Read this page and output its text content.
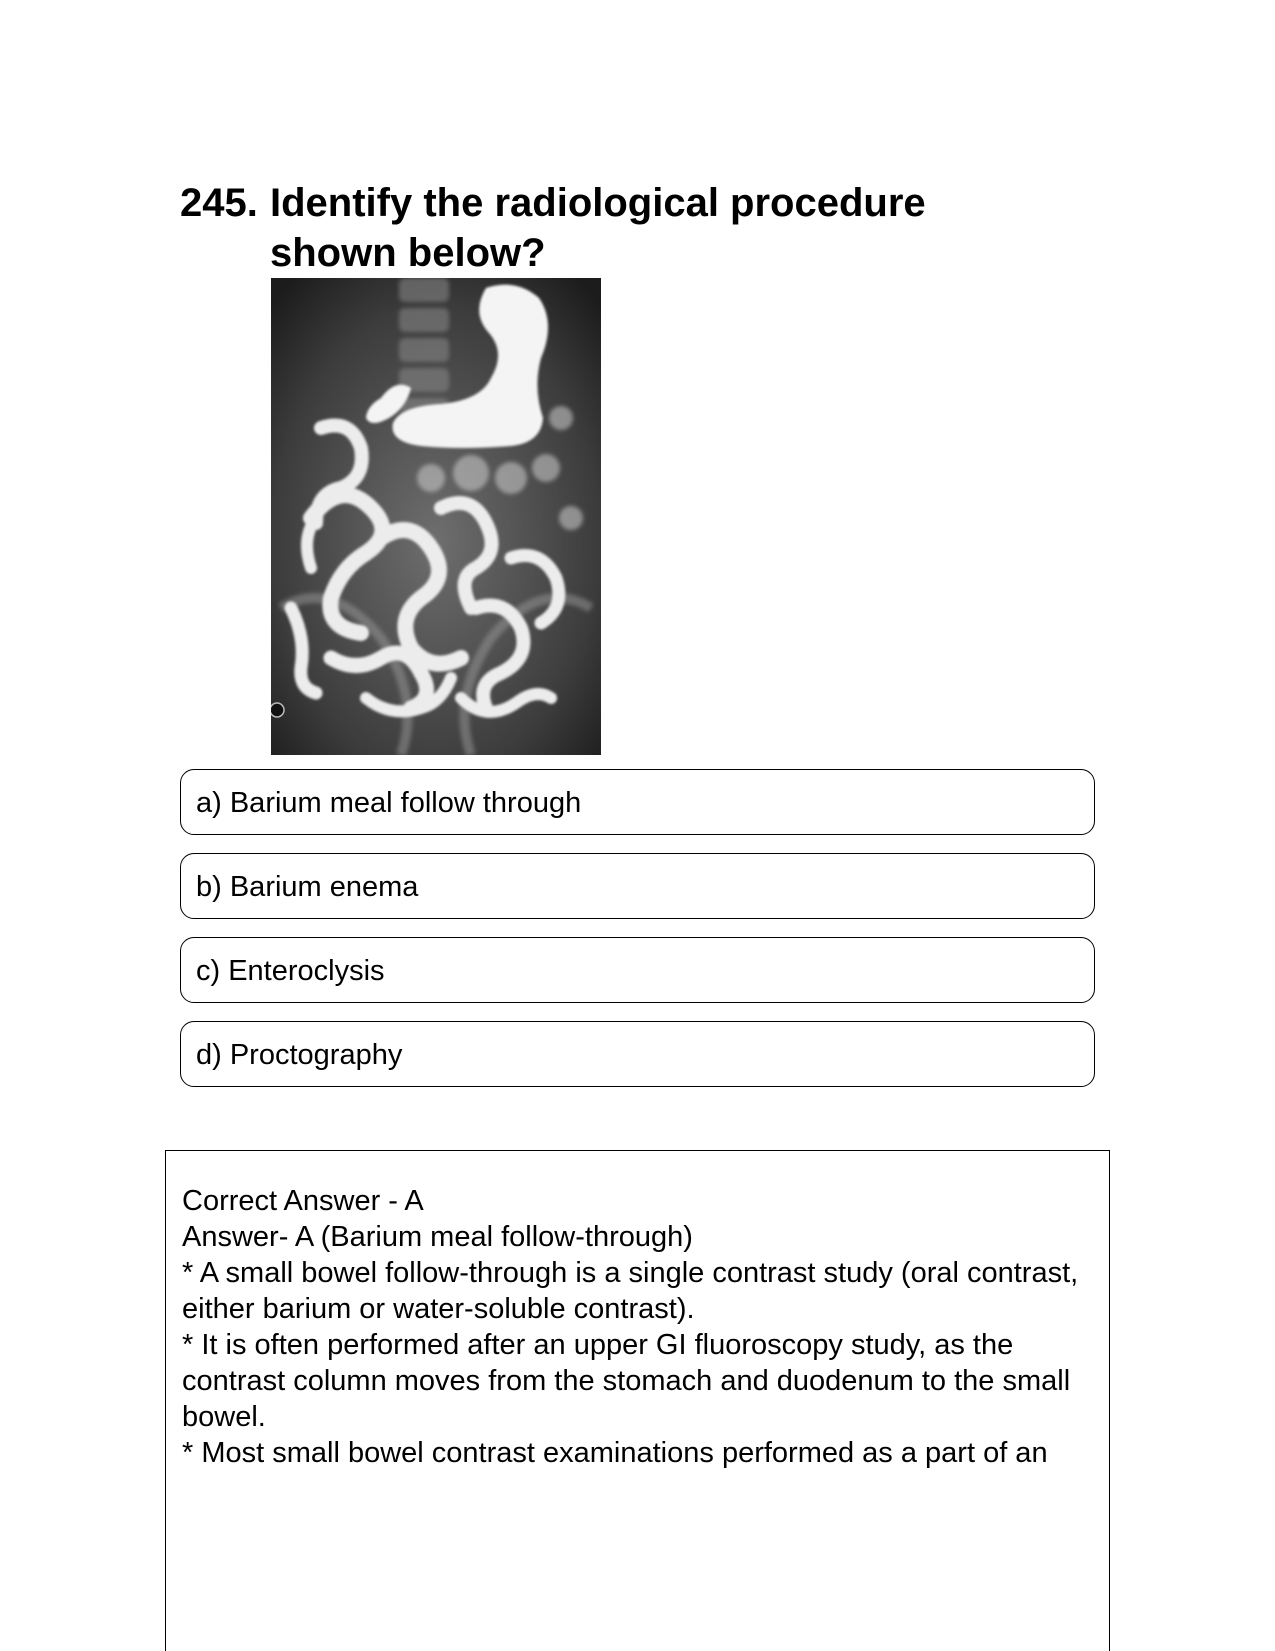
245. Identify the radiological procedure shown below?
a) Barium meal follow through
b) Barium enema
c) Enteroclysis
d) Proctography
Correct Answer - A
Answer- A (Barium meal follow-through)
* A small bowel follow-through is a single contrast study (oral contrast, either barium or water-soluble contrast).
* It is often performed after an upper GI fluoroscopy study, as the contrast column moves from the stomach and duodenum to the small bowel.
* Most small bowel contrast examinations performed as a part of an
